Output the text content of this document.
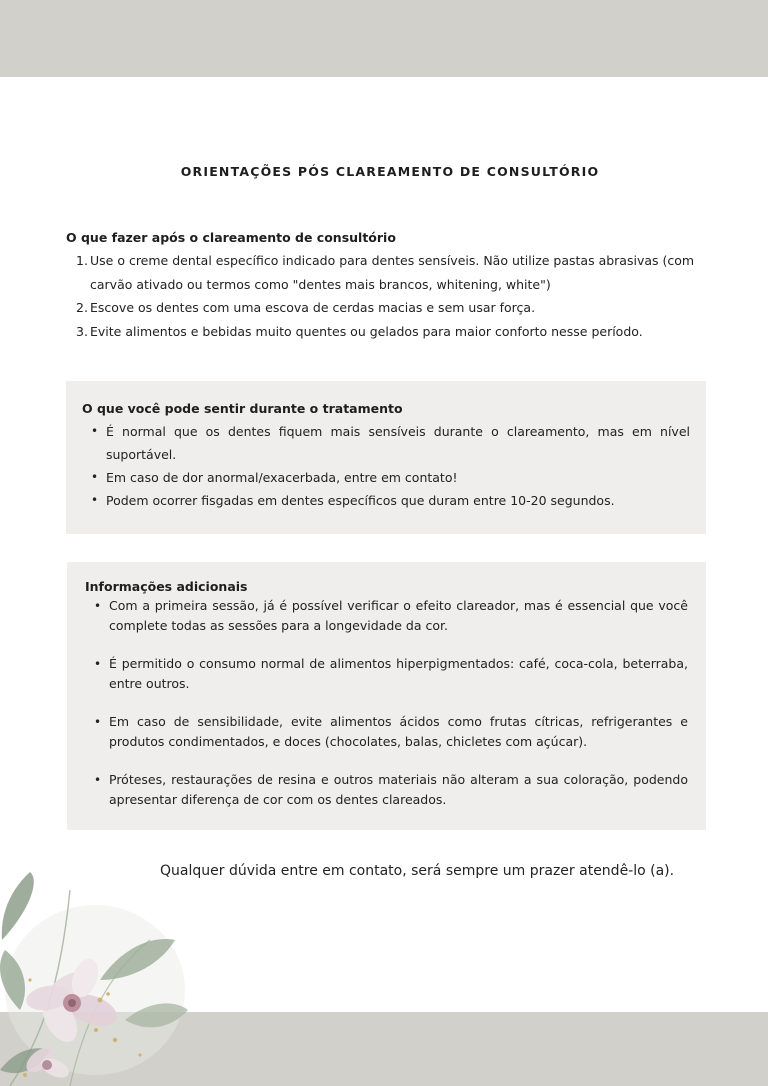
ORIENTAÇÕES PÓS CLAREAMENTO DE CONSULTÓRIO
O que fazer após o clareamento de consultório
1. Use o creme dental específico indicado para dentes sensíveis. Não utilize pastas abrasivas (com carvão ativado ou termos como "dentes mais brancos, whitening, white")
2. Escove os dentes com uma escova de cerdas macias e sem usar força.
3. Evite alimentos e bebidas muito quentes ou gelados para maior conforto nesse período.
O que você pode sentir durante o tratamento
• É normal que os dentes fiquem mais sensíveis durante o clareamento, mas em nível suportável.
• Em caso de dor anormal/exacerbada, entre em contato!
• Podem ocorrer fisgadas em dentes específicos que duram entre 10-20 segundos.
Informações adicionais
• Com a primeira sessão, já é possível verificar o efeito clareador, mas é essencial que você complete todas as sessões para a longevidade da cor.
• É permitido o consumo normal de alimentos hiperpigmentados: café, coca-cola, beterraba, entre outros.
• Em caso de sensibilidade, evite alimentos ácidos como frutas cítricas, refrigerantes e produtos condimentados, e doces (chocolates, balas, chicletes com açúcar).
• Próteses, restaurações de resina e outros materiais não alteram a sua coloração, podendo apresentar diferença de cor com os dentes clareados.

Qualquer dúvida entre em contato, será sempre um prazer atendê-lo (a).
